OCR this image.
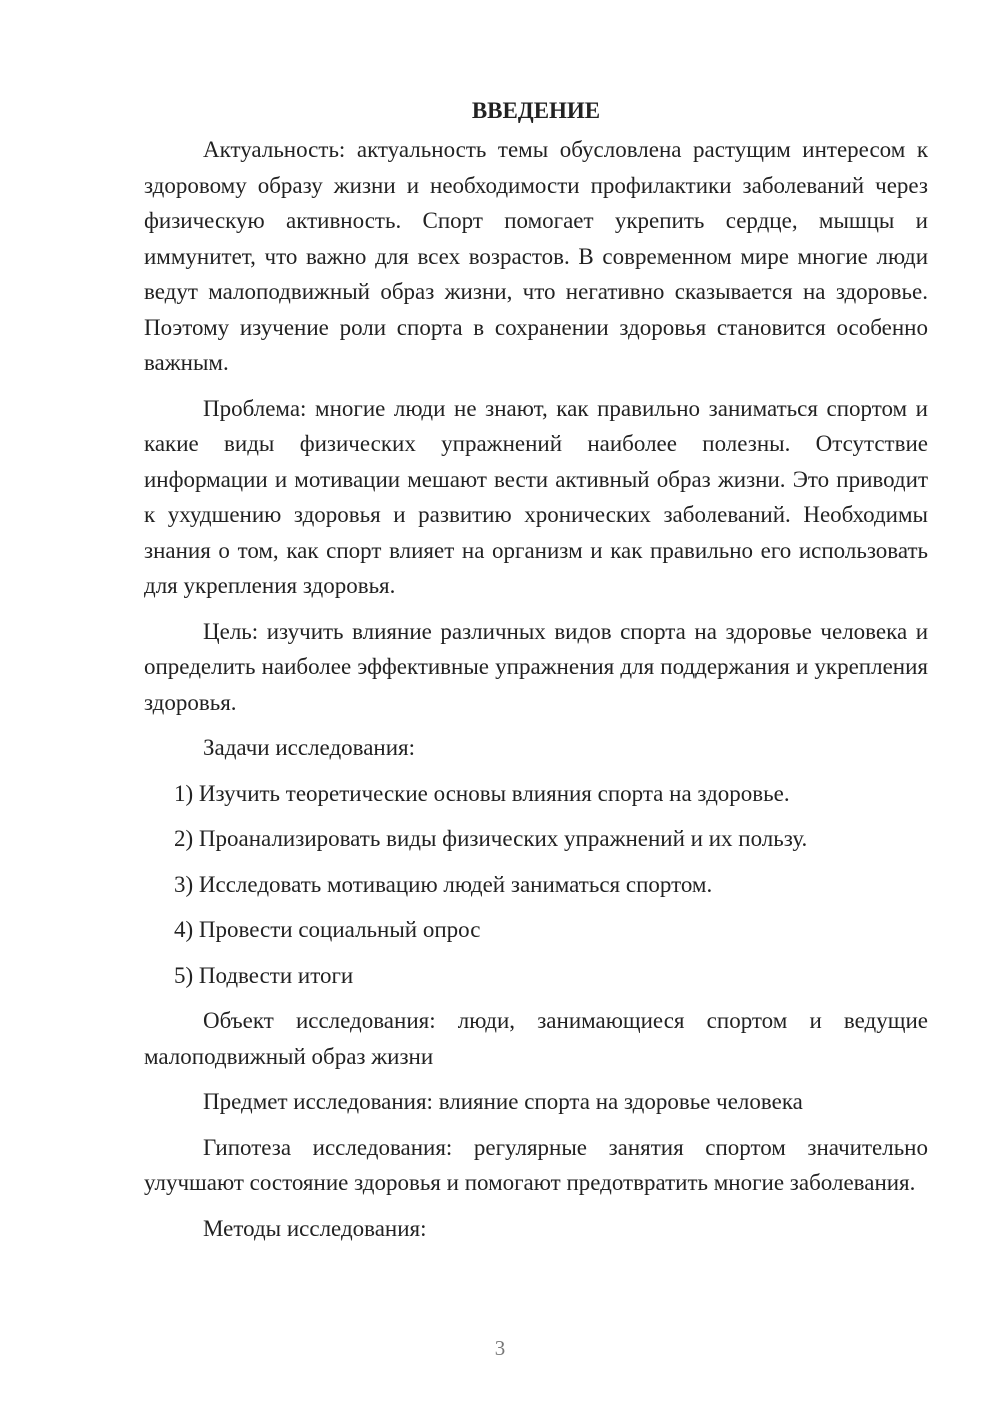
ВВЕДЕНИЕ

Актуальность: актуальность темы обусловлена растущим интересом к здоровому образу жизни и необходимости профилактики заболеваний через физическую активность. Спорт помогает укрепить сердце, мышцы и иммунитет, что важно для всех возрастов. В современном мире многие люди ведут малоподвижный образ жизни, что негативно сказывается на здоровье. Поэтому изучение роли спорта в сохранении здоровья становится особенно важным.

Проблема: многие люди не знают, как правильно заниматься спортом и какие виды физических упражнений наиболее полезны. Отсутствие информации и мотивации мешают вести активный образ жизни. Это приводит к ухудшению здоровья и развитию хронических заболеваний. Необходимы знания о том, как спорт влияет на организм и как правильно его использовать для укрепления здоровья.

Цель: изучить влияние различных видов спорта на здоровье человека и определить наиболее эффективные упражнения для поддержания и укрепления здоровья.

Задачи исследования:

1) Изучить теоретические основы влияния спорта на здоровье.

2) Проанализировать виды физических упражнений и их пользу.

3) Исследовать мотивацию людей заниматься спортом.

4) Провести социальный опрос

5) Подвести итоги

Объект исследования: люди, занимающиеся спортом и ведущие малоподвижный образ жизни

Предмет исследования: влияние спорта на здоровье человека

Гипотеза исследования: регулярные занятия спортом значительно улучшают состояние здоровья и помогают предотвратить многие заболевания.

Методы исследования:

3
